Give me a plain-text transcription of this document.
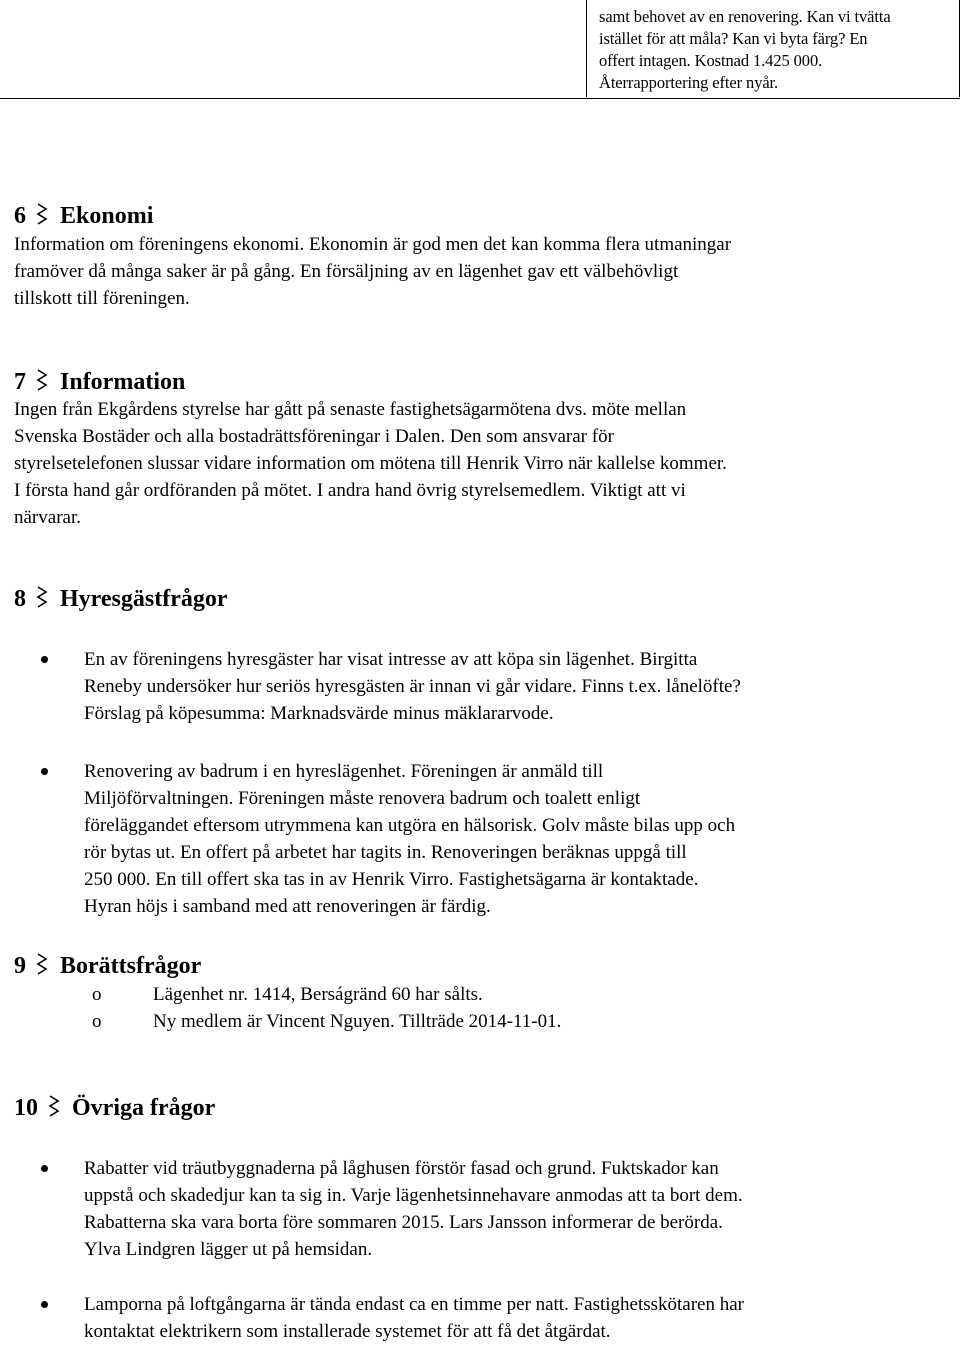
samt behovet av en renovering. Kan vi tvätta
istället för att måla? Kan vi byta färg? En
offert intagen. Kostnad 1.425 000.
Återrapportering efter nyår.
6 Ekonomi
Information om föreningens ekonomi. Ekonomin är god men det kan komma flera utmaningar
framöver då många saker är på gång. En försäljning av en lägenhet gav ett välbehövligt
tillskott till föreningen.
7 Information
Ingen från Ekgårdens styrelse har gått på senaste fastighetsägarmötena dvs. möte mellan
Svenska Bostäder och alla bostadrättsföreningar i Dalen. Den som ansvarar för
styrelsetelefonen slussar vidare information om mötena till Henrik Virro när kallelse kommer.
I första hand går ordföranden på mötet. I andra hand övrig styrelsemedlem. Viktigt att vi
närvarar.
8 Hyresgästfrågor
En av föreningens hyresgäster har visat intresse av att köpa sin lägenhet. Birgitta
Reneby undersöker hur seriös hyresgästen är innan vi går vidare. Finns t.ex. lånelöfte?
Förslag på köpesumma: Marknadsvärde minus mäklararvode.
Renovering av badrum i en hyreslägenhet. Föreningen är anmäld till
Miljöförvaltningen. Föreningen måste renovera badrum och toalett enligt
föreläggandet eftersom utrymmena kan utgöra en hälsorisk. Golv måste bilas upp och
rör bytas ut. En offert på arbetet har tagits in. Renoveringen beräknas uppgå till
250 000. En till offert ska tas in av Henrik Virro. Fastighetsägarna är kontaktade.
Hyran höjs i samband med att renoveringen är färdig.
9 Borättsfrågor
o	Lägenhet nr. 1414, Berságränd 60 har sålts.
o	Ny medlem är Vincent Nguyen. Tillträde 2014-11-01.
10 Övriga frågor
Rabatter vid träutbyggnaderna på låghusen förstör fasad och grund. Fuktskador kan
uppstå och skadedjur kan ta sig in. Varje lägenhetsinnehavare anmodas att ta bort dem.
Rabatterna ska vara borta före sommaren 2015. Lars Jansson informerar de berörda.
Ylva Lindgren lägger ut på hemsidan.
Lamporna på loftgångarna är tända endast ca en timme per natt. Fastighetsskötaren har
kontaktat elektrikern som installerade systemet för att få det åtgärdat.
